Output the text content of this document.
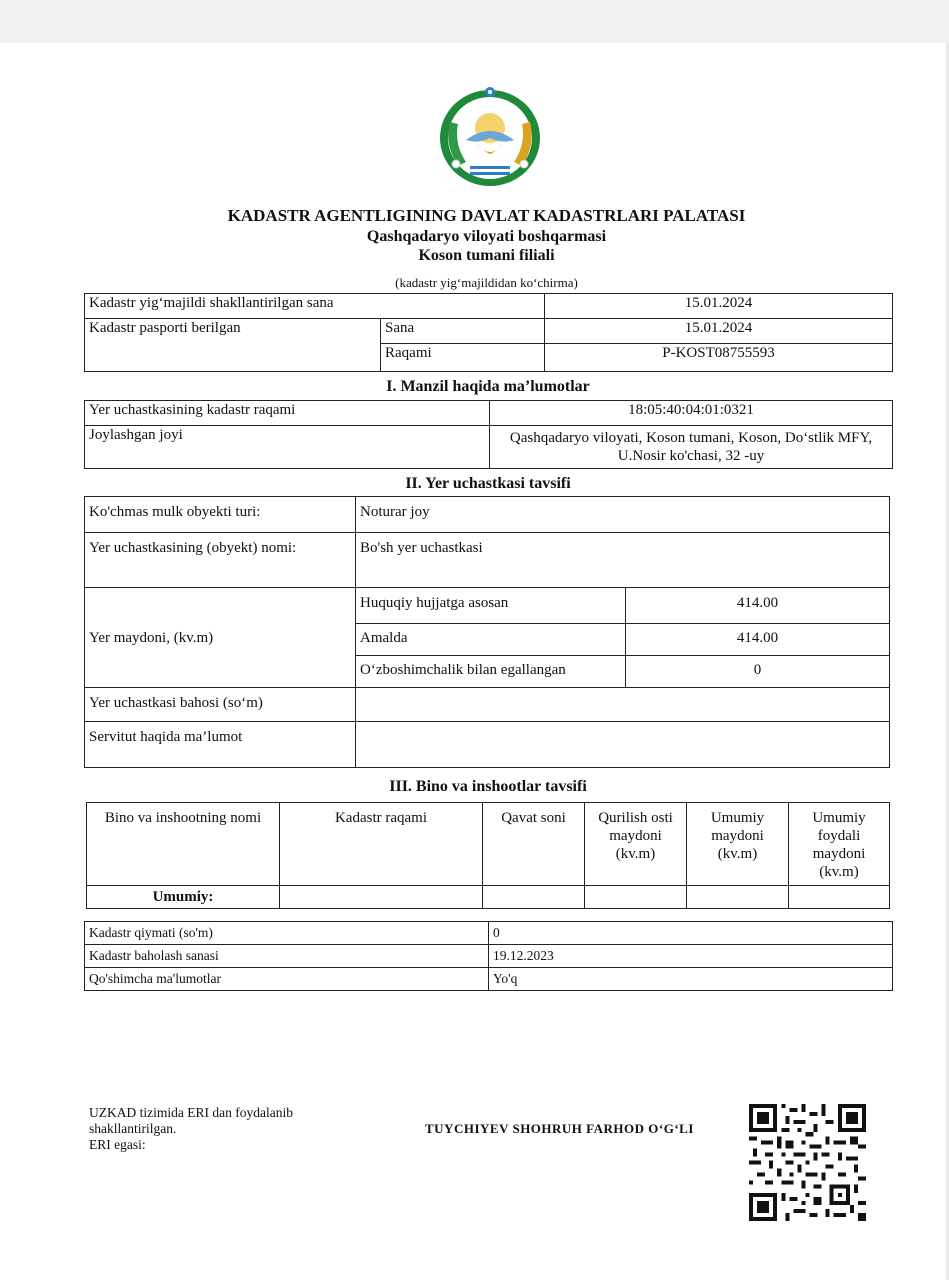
KADASTR AGENTLIGINING DAVLAT KADASTRLARI PALATASI
Qashqadaryo viloyati boshqarmasi
Koson tumani filiali
(kadastr yig‘majildidan ko‘chirma)
Kadastr yig‘majildi shakllantirilgan sana		15.01.2024
Kadastr pasporti berilgan	Sana	15.01.2024
	Raqami	P-KOST08755593
I. Manzil haqida ma’lumotlar
Yer uchastkasining kadastr raqami	18:05:40:04:01:0321
Joylashgan joyi	Qashqadaryo viloyati, Koson tumani, Koson, Do‘stlik MFY, U.Nosir ko'chasi, 32 -uy
II. Yer uchastkasi tavsifi
Ko'chmas mulk obyekti turi:	Noturar joy	
Yer uchastkasining (obyekt) nomi:	Bo'sh yer uchastkasi	
Yer maydoni, (kv.m)	Huquqiy hujjatga asosan	414.00
	Amalda	414.00
	O‘zboshimchalik bilan egallangan	0
Yer uchastkasi bahosi (so‘m)		
Servitut haqida ma’lumot		
III. Bino va inshootlar tavsifi
Bino va inshootning nomi	Kadastr raqami	Qavat soni	Qurilish osti maydoni (kv.m)	Umumiy maydoni (kv.m)	Umumiy foydali maydoni (kv.m)
Umumiy:					
Kadastr qiymati (so'm)	0
Kadastr baholash sanasi	19.12.2023
Qo'shimcha ma'lumotlar	Yo'q
UZKAD tizimida ERI dan foydalanib
shakllantirilgan.
ERI egasi:
TUYCHIYEV SHOHRUH FARHOD O‘G‘LI
